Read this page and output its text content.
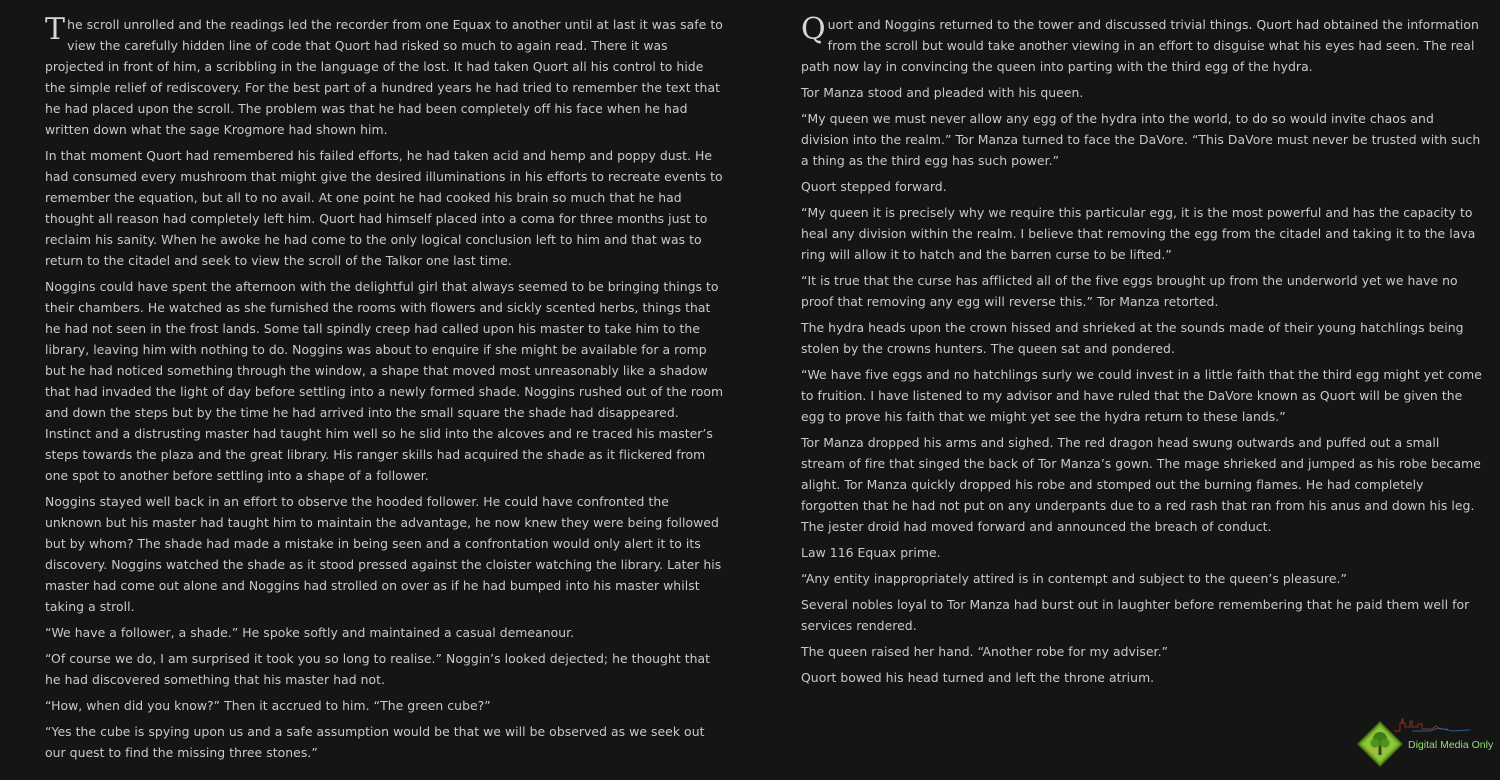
The scroll unrolled and the readings led the recorder from one Equax to another until at last it was safe to view the carefully hidden line of code that Quort had risked so much to again read. There it was projected in front of him, a scribbling in the language of the lost. It had taken Quort all his control to hide the simple relief of rediscovery. For the best part of a hundred years he had tried to remember the text that he had placed upon the scroll. The problem was that he had been completely off his face when he had written down what the sage Krogmore had shown him.

In that moment Quort had remembered his failed efforts, he had taken acid and hemp and poppy dust. He had consumed every mushroom that might give the desired illuminations in his efforts to recreate events to remember the equation, but all to no avail. At one point he had cooked his brain so much that he had thought all reason had completely left him. Quort had himself placed into a coma for three months just to reclaim his sanity. When he awoke he had come to the only logical conclusion left to him and that was to return to the citadel and seek to view the scroll of the Talkor one last time.

Noggins could have spent the afternoon with the delightful girl that always seemed to be bringing things to their chambers. He watched as she furnished the rooms with flowers and sickly scented herbs, things that he had not seen in the frost lands. Some tall spindly creep had called upon his master to take him to the library, leaving him with nothing to do. Noggins was about to enquire if she might be available for a romp but he had noticed something through the window, a shape that moved most unreasonably like a shadow that had invaded the light of day before settling into a newly formed shade. Noggins rushed out of the room and down the steps but by the time he had arrived into the small square the shade had disappeared. Instinct and a distrusting master had taught him well so he slid into the alcoves and re traced his master’s steps towards the plaza and the great library. His ranger skills had acquired the shade as it flickered from one spot to another before settling into a shape of a follower.

Noggins stayed well back in an effort to observe the hooded follower. He could have confronted the unknown but his master had taught him to maintain the advantage, he now knew they were being followed but by whom? The shade had made a mistake in being seen and a confrontation would only alert it to its discovery. Noggins watched the shade as it stood pressed against the cloister watching the library. Later his master had come out alone and Noggins had strolled on over as if he had bumped into his master whilst taking a stroll.

“We have a follower, a shade.” He spoke softly and maintained a casual demeanour.

“Of course we do, I am surprised it took you so long to realise.” Noggin’s looked dejected; he thought that he had discovered something that his master had not.

“How, when did you know?” Then it accrued to him. “The green cube?”

“Yes the cube is spying upon us and a safe assumption would be that we will be observed as we seek out our quest to find the missing three stones.”

Quort and Noggins returned to the tower and discussed trivial things. Quort had obtained the information from the scroll but would take another viewing in an effort to disguise what his eyes had seen. The real path now lay in convincing the queen into parting with the third egg of the hydra.

Tor Manza stood and pleaded with his queen.

“My queen we must never allow any egg of the hydra into the world, to do so would invite chaos and division into the realm.” Tor Manza turned to face the DaVore. “This DaVore must never be trusted with such a thing as the third egg has such power.”

Quort stepped forward.

“My queen it is precisely why we require this particular egg, it is the most powerful and has the capacity to heal any division within the realm. I believe that removing the egg from the citadel and taking it to the lava ring will allow it to hatch and the barren curse to be lifted.”

“It is true that the curse has afflicted all of the five eggs brought up from the underworld yet we have no proof that removing any egg will reverse this.” Tor Manza retorted.

The hydra heads upon the crown hissed and shrieked at the sounds made of their young hatchlings being stolen by the crowns hunters. The queen sat and pondered.

“We have five eggs and no hatchlings surly we could invest in a little faith that the third egg might yet come to fruition. I have listened to my advisor and have ruled that the DaVore known as Quort will be given the egg to prove his faith that we might yet see the hydra return to these lands.”

Tor Manza dropped his arms and sighed. The red dragon head swung outwards and puffed out a small stream of fire that singed the back of Tor Manza’s gown. The mage shrieked and jumped as his robe became alight. Tor Manza quickly dropped his robe and stomped out the burning flames. He had completely forgotten that he had not put on any underpants due to a red rash that ran from his anus and down his leg. The jester droid had moved forward and announced the breach of conduct.

Law 116 Equax prime.

“Any entity inappropriately attired is in contempt and subject to the queen’s pleasure.”

Several nobles loyal to Tor Manza had burst out in laughter before remembering that he paid them well for services rendered.

The queen raised her hand. “Another robe for my adviser.”

Quort bowed his head turned and left the throne atrium.

Digital Media Only
